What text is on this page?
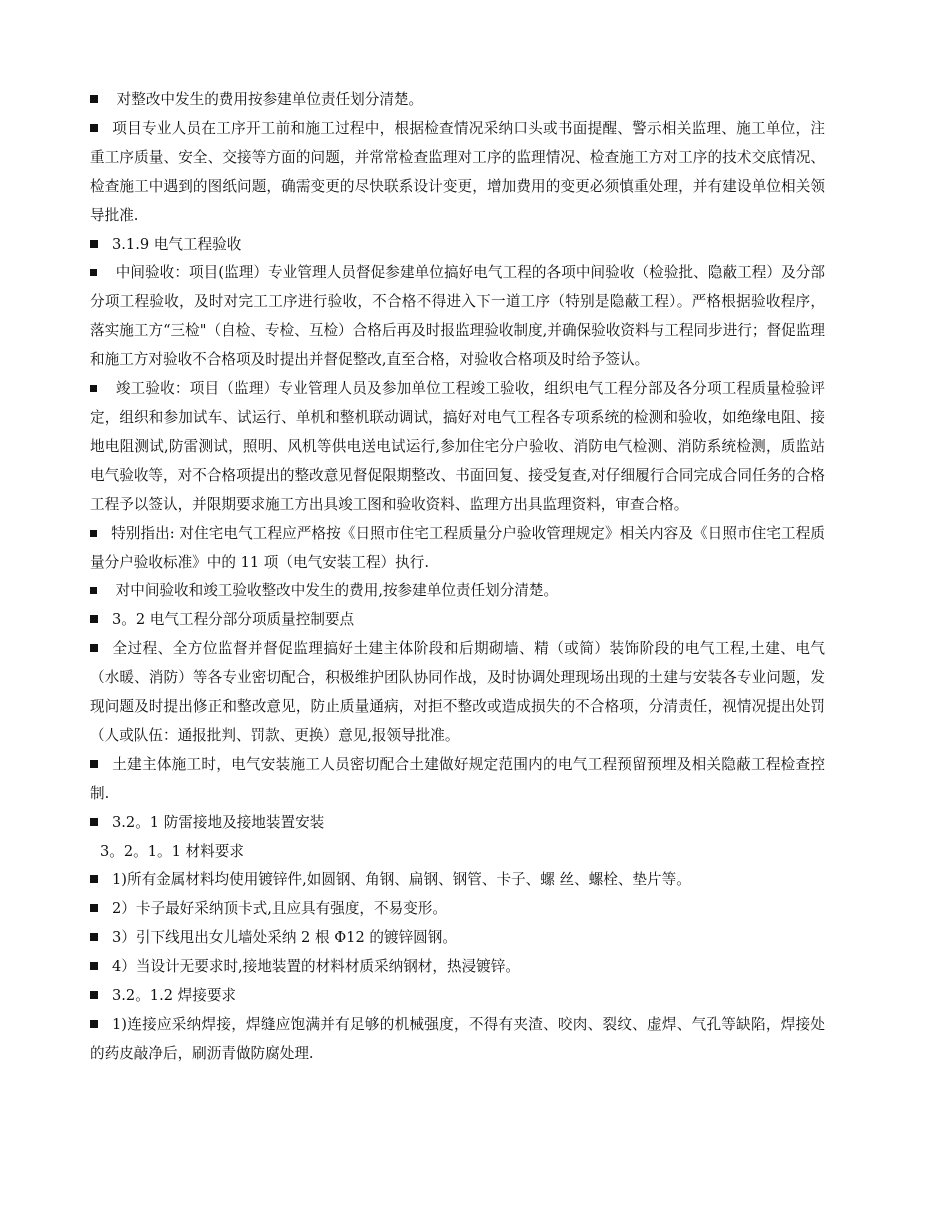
对整改中发生的费用按参建单位责任划分清楚。

项目专业人员在工序开工前和施工过程中，根据检查情况采纳口头或书面提醒、警示相关监理、施工单位，注重工序质量、安全、交接等方面的问题，并常常检查监理对工序的监理情况、检查施工方对工序的技术交底情况、检查施工中遇到的图纸问题，确需变更的尽快联系设计变更，增加费用的变更必须慎重处理，并有建设单位相关领导批准.

3.1.9 电气工程验收

中间验收：项目(监理）专业管理人员督促参建单位搞好电气工程的各项中间验收（检验批、隐蔽工程）及分部分项工程验收，及时对完工工序进行验收，不合格不得进入下一道工序（特别是隐蔽工程）。严格根据验收程序，落实施工方“三检"（自检、专检、互检）合格后再及时报监理验收制度,并确保验收资料与工程同步进行；督促监理和施工方对验收不合格项及时提出并督促整改,直至合格，对验收合格项及时给予签认。

竣工验收：项目（监理）专业管理人员及参加单位工程竣工验收，组织电气工程分部及各分项工程质量检验评定，组织和参加试车、试运行、单机和整机联动调试，搞好对电气工程各专项系统的检测和验收，如绝缘电阻、接地电阻测试,防雷测试，照明、风机等供电送电试运行,参加住宅分户验收、消防电气检测、消防系统检测，质监站电气验收等，对不合格项提出的整改意见督促限期整改、书面回复、接受复查,对仔细履行合同完成合同任务的合格工程予以签认，并限期要求施工方出具竣工图和验收资料、监理方出具监理资料，审查合格。

特别指出: 对住宅电气工程应严格按《日照市住宅工程质量分户验收管理规定》相关内容及《日照市住宅工程质量分户验收标准》中的 11 项（电气安装工程）执行.

对中间验收和竣工验收整改中发生的费用,按参建单位责任划分清楚。

3。2 电气工程分部分项质量控制要点

全过程、全方位监督并督促监理搞好土建主体阶段和后期砌墙、精（或简）装饰阶段的电气工程,土建、电气（水暖、消防）等各专业密切配合，积极维护团队协同作战，及时协调处理现场出现的土建与安装各专业问题，发现问题及时提出修正和整改意见，防止质量通病，对拒不整改或造成损失的不合格项，分清责任，视情况提出处罚（人或队伍：通报批判、罚款、更换）意见,报领导批准。

土建主体施工时，电气安装施工人员密切配合土建做好规定范围内的电气工程预留预埋及相关隐蔽工程检查控制.

3.2。1 防雷接地及接地装置安装

3。2。1。1 材料要求

1)所有金属材料均使用镀锌件,如圆钢、角钢、扁钢、钢管、卡子、螺 丝、螺栓、垫片等。

2）卡子最好采纳顶卡式,且应具有强度，不易变形。

3）引下线甩出女儿墙处采纳 2 根 Φ12 的镀锌圆钢。

4）当设计无要求时,接地装置的材料材质采纳钢材，热浸镀锌。

3.2。1.2 焊接要求

1)连接应采纳焊接，焊缝应饱满并有足够的机械强度，不得有夹渣、咬肉、裂纹、虚焊、气孔等缺陷，焊接处的药皮敲净后，刷沥青做防腐处理.
